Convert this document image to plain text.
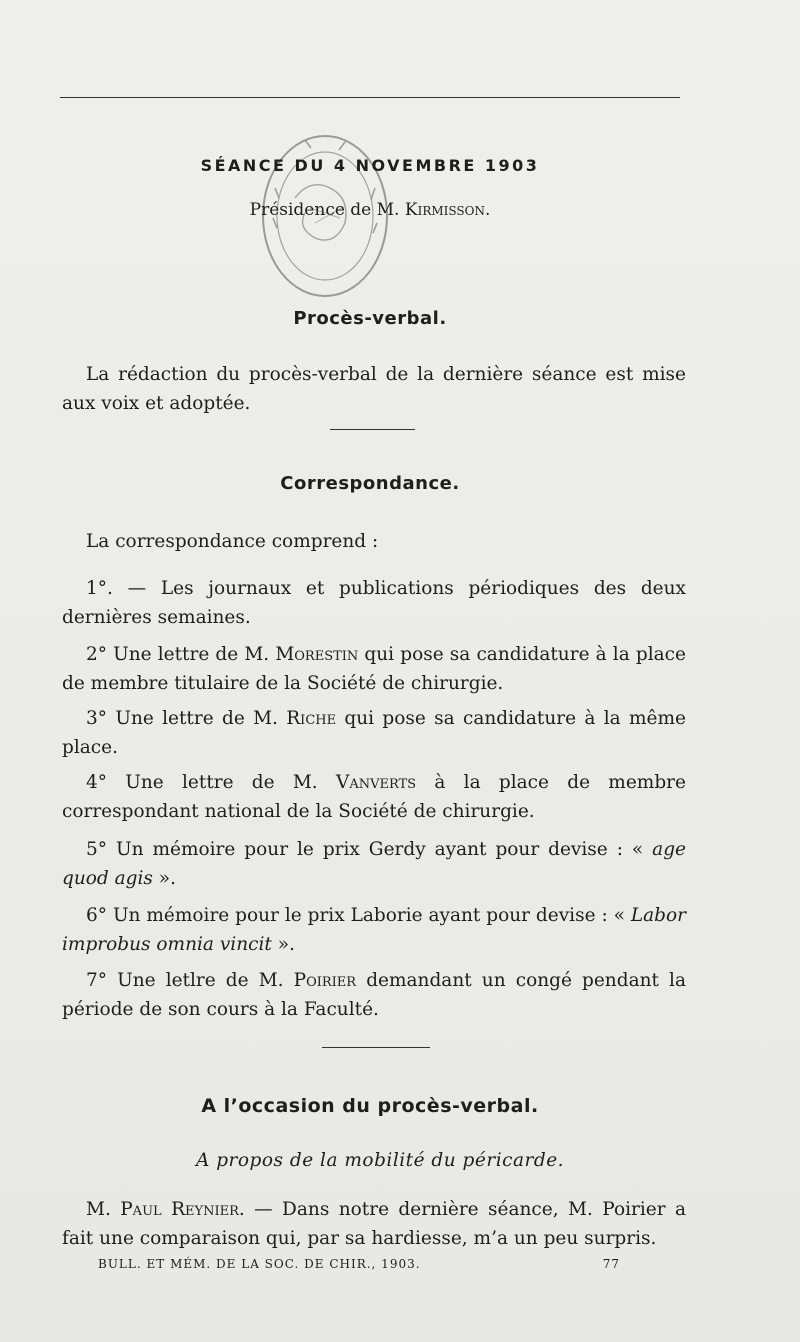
SÉANCE DU 4 NOVEMBRE 1903
Présidence de M. Kirmisson.
Procès-verbal.
La rédaction du procès-verbal de la dernière séance est mise aux voix et adoptée.
Correspondance.
La correspondance comprend :
1°. — Les journaux et publications périodiques des deux dernières semaines.
2° Une lettre de M. Morestin qui pose sa candidature à la place de membre titulaire de la Société de chirurgie.
3° Une lettre de M. Riche qui pose sa candidature à la même place.
4° Une lettre de M. Vanverts à la place de membre correspondant national de la Société de chirurgie.
5° Un mémoire pour le prix Gerdy ayant pour devise : « age quod agis ».
6° Un mémoire pour le prix Laborie ayant pour devise : « Labor improbus omnia vincit ».
7° Une letlre de M. Poirier demandant un congé pendant la période de son cours à la Faculté.
A l’occasion du procès-verbal.
A propos de la mobilité du péricarde.
M. Paul Reynier. — Dans notre dernière séance, M. Poirier a fait une comparaison qui, par sa hardiesse, m’a un peu surpris.
BULL. ET MÉM. DE LA SOC. DE CHIR., 1903.	77
